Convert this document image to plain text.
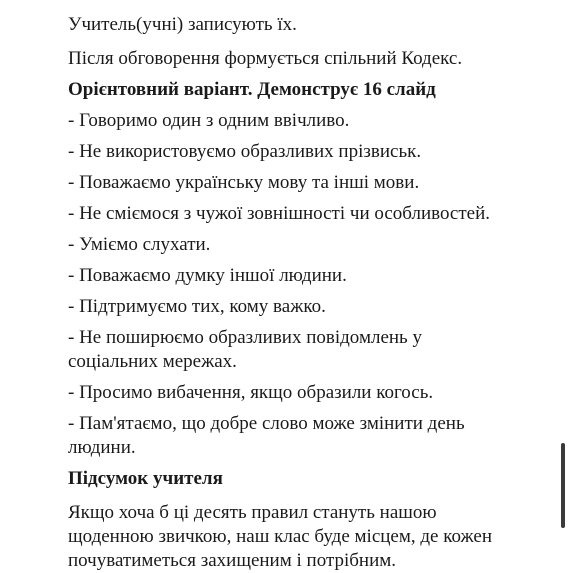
Учитель(учні) записують їх.
Після обговорення формується спільний Кодекс.
Орієнтовний варіант. Демонструє 16 слайд
- Говоримо один з одним ввічливо.
- Не використовуємо образливих прізвиськ.
- Поважаємо українську мову та інші мови.
- Не сміємося з чужої зовнішності чи особливостей.
- Уміємо слухати.
- Поважаємо думку іншої людини.
- Підтримуємо тих, кому важко.
- Не поширюємо образливих повідомлень у
соціальних мережах.
- Просимо вибачення, якщо образили когось.
- Пам'ятаємо, що добре слово може змінити день
людини.
Підсумок учителя
Якщо хоча б ці десять правил стануть нашою
щоденною звичкою, наш клас буде місцем, де кожен
почуватиметься захищеним і потрібним.
